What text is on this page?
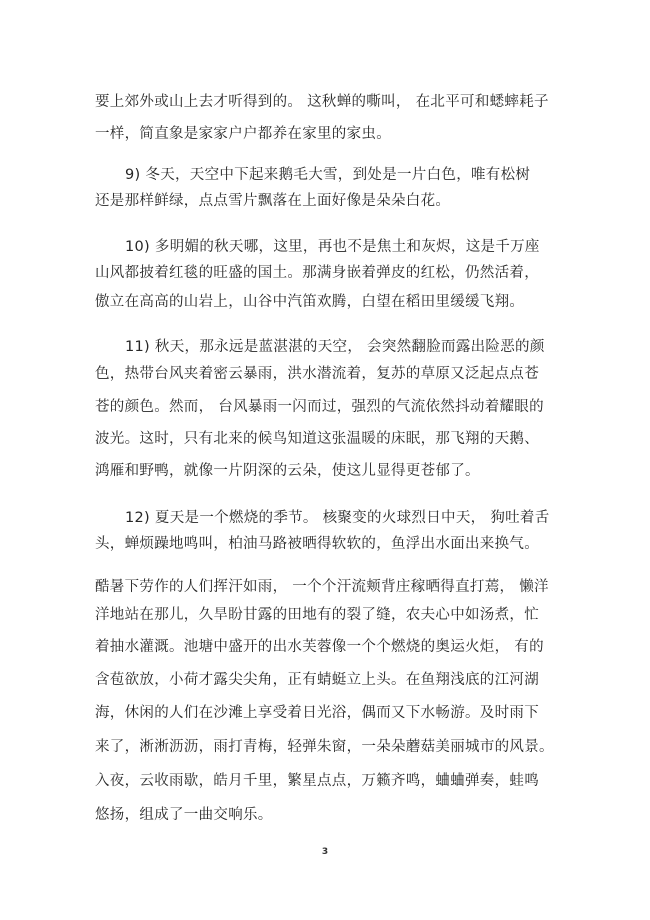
要上郊外或山上去才听得到的。 这秋蝉的嘶叫， 在北平可和蟋蟀耗子
一样，简直象是家家户户都养在家里的家虫。
9) 冬天，天空中下起来鹅毛大雪，到处是一片白色，唯有松树
还是那样鲜绿，点点雪片飘落在上面好像是朵朵白花。
10) 多明媚的秋天哪，这里，再也不是焦土和灰烬，这是千万座
山风都披着红毯的旺盛的国土。那满身嵌着弹皮的红松，仍然活着，
傲立在高高的山岩上，山谷中汽笛欢腾，白望在稻田里缓缓飞翔。
11) 秋天，那永远是蓝湛湛的天空， 会突然翻脸而露出险恶的颜
色，热带台风夹着密云暴雨，洪水潜流着，复苏的草原又泛起点点苍
苍的颜色。然而， 台风暴雨一闪而过，强烈的气流依然抖动着耀眼的
波光。这时，只有北来的候鸟知道这张温暖的床眠，那飞翔的天鹅、
鸿雁和野鸭，就像一片阴深的云朵，使这儿显得更苍郁了。
12) 夏天是一个燃烧的季节。 核聚变的火球烈日中天， 狗吐着舌
头，蝉烦躁地鸣叫，柏油马路被晒得软软的，鱼浮出水面出来换气。
酷暑下劳作的人们挥汗如雨， 一个个汗流颊背庄稼晒得直打蔫， 懒洋
洋地站在那儿，久旱盼甘露的田地有的裂了缝，农夫心中如汤煮，忙
着抽水灌溉。池塘中盛开的出水芙蓉像一个个燃烧的奥运火炬， 有的
含苞欲放，小荷才露尖尖角，正有蜻蜓立上头。在鱼翔浅底的江河湖
海，休闲的人们在沙滩上享受着日光浴，偶而又下水畅游。及时雨下
来了，淅淅沥沥，雨打青梅，轻弹朱窗，一朵朵蘑菇美丽城市的风景。
入夜，云收雨歇，皓月千里，繁星点点，万籁齐鸣，蛐蛐弹奏，蛙鸣
悠扬，组成了一曲交响乐。
3
